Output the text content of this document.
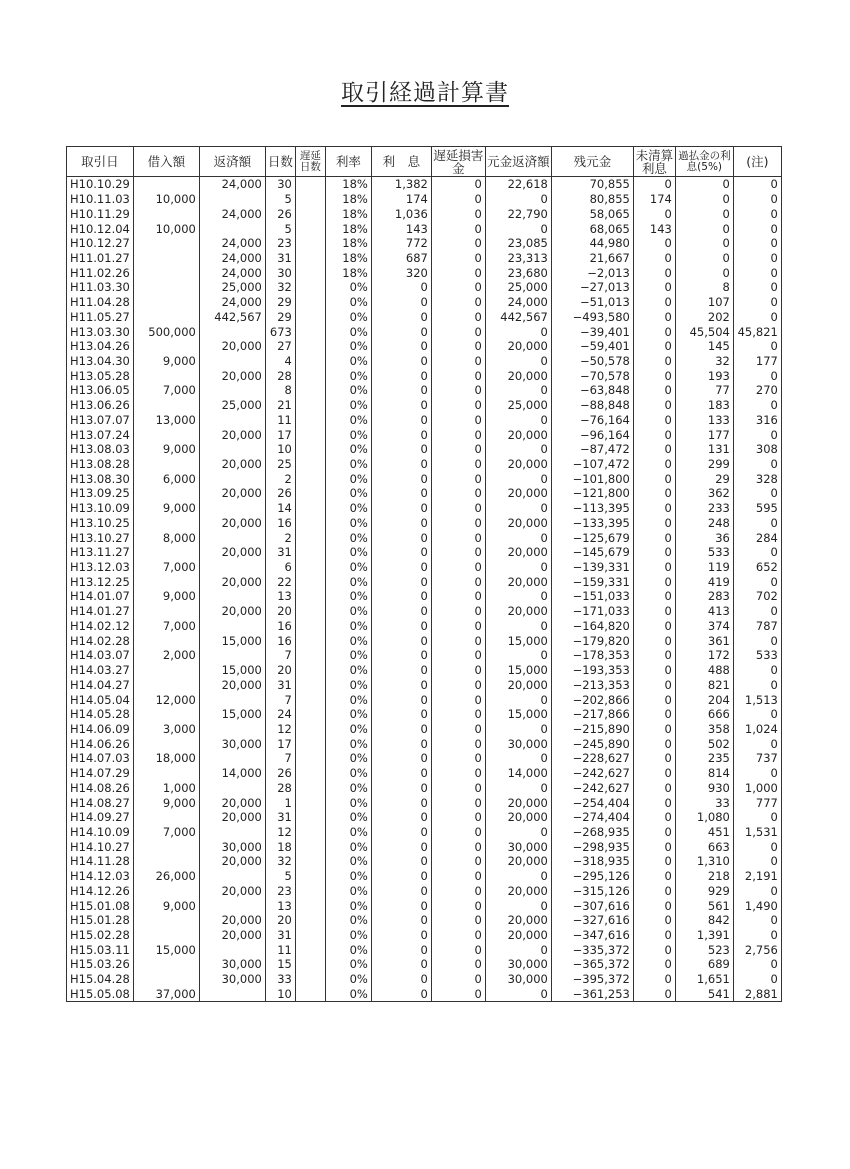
取引経過計算書
取引日	借入額	返済額	日数	遅延日数	利率	利　息	遅延損害金	元金返済額	残元金	未清算利息	過払金の利息(5%)	(注)
H10.10.29		24,000	30		18%	1,382	0	22,618	70,855	0	0	0
H10.11.03	10,000		5		18%	174	0	0	80,855	174	0	0
H10.11.29		24,000	26		18%	1,036	0	22,790	58,065	0	0	0
H10.12.04	10,000		5		18%	143	0	0	68,065	143	0	0
H10.12.27		24,000	23		18%	772	0	23,085	44,980	0	0	0
H11.01.27		24,000	31		18%	687	0	23,313	21,667	0	0	0
H11.02.26		24,000	30		18%	320	0	23,680	−2,013	0	0	0
H11.03.30		25,000	32		0%	0	0	25,000	−27,013	0	8	0
H11.04.28		24,000	29		0%	0	0	24,000	−51,013	0	107	0
H11.05.27		442,567	29		0%	0	0	442,567	−493,580	0	202	0
H13.03.30	500,000		673		0%	0	0	0	−39,401	0	45,504	45,821
H13.04.26		20,000	27		0%	0	0	20,000	−59,401	0	145	0
H13.04.30	9,000		4		0%	0	0	0	−50,578	0	32	177
H13.05.28		20,000	28		0%	0	0	20,000	−70,578	0	193	0
H13.06.05	7,000		8		0%	0	0	0	−63,848	0	77	270
H13.06.26		25,000	21		0%	0	0	25,000	−88,848	0	183	0
H13.07.07	13,000		11		0%	0	0	0	−76,164	0	133	316
H13.07.24		20,000	17		0%	0	0	20,000	−96,164	0	177	0
H13.08.03	9,000		10		0%	0	0	0	−87,472	0	131	308
H13.08.28		20,000	25		0%	0	0	20,000	−107,472	0	299	0
H13.08.30	6,000		2		0%	0	0	0	−101,800	0	29	328
H13.09.25		20,000	26		0%	0	0	20,000	−121,800	0	362	0
H13.10.09	9,000		14		0%	0	0	0	−113,395	0	233	595
H13.10.25		20,000	16		0%	0	0	20,000	−133,395	0	248	0
H13.10.27	8,000		2		0%	0	0	0	−125,679	0	36	284
H13.11.27		20,000	31		0%	0	0	20,000	−145,679	0	533	0
H13.12.03	7,000		6		0%	0	0	0	−139,331	0	119	652
H13.12.25		20,000	22		0%	0	0	20,000	−159,331	0	419	0
H14.01.07	9,000		13		0%	0	0	0	−151,033	0	283	702
H14.01.27		20,000	20		0%	0	0	20,000	−171,033	0	413	0
H14.02.12	7,000		16		0%	0	0	0	−164,820	0	374	787
H14.02.28		15,000	16		0%	0	0	15,000	−179,820	0	361	0
H14.03.07	2,000		7		0%	0	0	0	−178,353	0	172	533
H14.03.27		15,000	20		0%	0	0	15,000	−193,353	0	488	0
H14.04.27		20,000	31		0%	0	0	20,000	−213,353	0	821	0
H14.05.04	12,000		7		0%	0	0	0	−202,866	0	204	1,513
H14.05.28		15,000	24		0%	0	0	15,000	−217,866	0	666	0
H14.06.09	3,000		12		0%	0	0	0	−215,890	0	358	1,024
H14.06.26		30,000	17		0%	0	0	30,000	−245,890	0	502	0
H14.07.03	18,000		7		0%	0	0	0	−228,627	0	235	737
H14.07.29		14,000	26		0%	0	0	14,000	−242,627	0	814	0
H14.08.26	1,000		28		0%	0	0	0	−242,627	0	930	1,000
H14.08.27	9,000	20,000	1		0%	0	0	20,000	−254,404	0	33	777
H14.09.27		20,000	31		0%	0	0	20,000	−274,404	0	1,080	0
H14.10.09	7,000		12		0%	0	0	0	−268,935	0	451	1,531
H14.10.27		30,000	18		0%	0	0	30,000	−298,935	0	663	0
H14.11.28		20,000	32		0%	0	0	20,000	−318,935	0	1,310	0
H14.12.03	26,000		5		0%	0	0	0	−295,126	0	218	2,191
H14.12.26		20,000	23		0%	0	0	20,000	−315,126	0	929	0
H15.01.08	9,000		13		0%	0	0	0	−307,616	0	561	1,490
H15.01.28		20,000	20		0%	0	0	20,000	−327,616	0	842	0
H15.02.28		20,000	31		0%	0	0	20,000	−347,616	0	1,391	0
H15.03.11	15,000		11		0%	0	0	0	−335,372	0	523	2,756
H15.03.26		30,000	15		0%	0	0	30,000	−365,372	0	689	0
H15.04.28		30,000	33		0%	0	0	30,000	−395,372	0	1,651	0
H15.05.08	37,000		10		0%	0	0	0	−361,253	0	541	2,881
